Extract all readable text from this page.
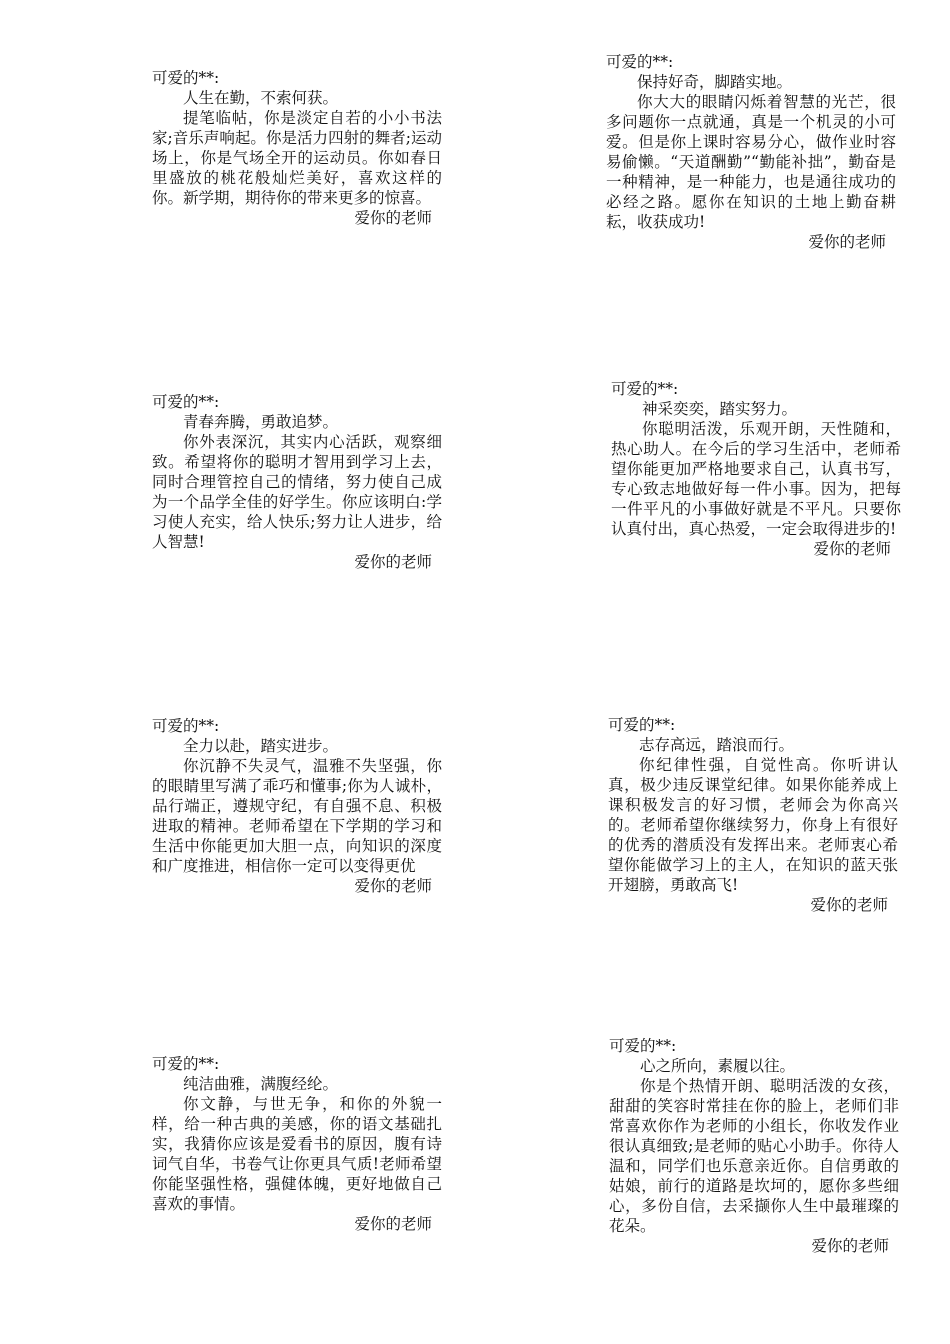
可爱的**:

人生在勤，不索何获。

提笔临帖，你是淡定自若的小小书法家;音乐声响起。你是活力四射的舞者;运动场上，你是气场全开的运动员。你如春日里盛放的桃花般灿烂美好，喜欢这样的你。新学期，期待你的带来更多的惊喜。

爱你的老师

可爱的**:

保持好奇，脚踏实地。

你大大的眼睛闪烁着智慧的光芒，很多问题你一点就通，真是一个机灵的小可爱。但是你上课时容易分心，做作业时容易偷懒。“天道酬勤”“勤能补拙”，勤奋是一种精神，是一种能力，也是通往成功的必经之路。愿你在知识的土地上勤奋耕耘，收获成功!

爱你的老师

可爱的**:

青春奔腾，勇敢追梦。

你外表深沉，其实内心活跃，观察细致。希望将你的聪明才智用到学习上去，同时合理管控自己的情绪，努力使自己成为一个品学全佳的好学生。你应该明白:学习使人充实，给人快乐;努力让人进步，给人智慧!

爱你的老师

可爱的**:

神采奕奕，踏实努力。

你聪明活泼，乐观开朗，天性随和，热心助人。在今后的学习生活中，老师希望你能更加严格地要求自己，认真书写，专心致志地做好每一件小事。因为，把每一件平凡的小事做好就是不平凡。只要你认真付出，真心热爱，一定会取得进步的!

爱你的老师

可爱的**:

全力以赴，踏实进步。

你沉静不失灵气，温雅不失坚强，你的眼睛里写满了乖巧和懂事;你为人诚朴，品行端正，遵规守纪，有自强不息、积极进取的精神。老师希望在下学期的学习和生活中你能更加大胆一点，向知识的深度和广度推进，相信你一定可以变得更优

爱你的老师

可爱的**:

志存高远，踏浪而行。

你纪律性强，自觉性高。你听讲认真，极少违反课堂纪律。如果你能养成上课积极发言的好习惯，老师会为你高兴的。老师希望你继续努力，你身上有很好的优秀的潜质没有发挥出来。老师衷心希望你能做学习上的主人，在知识的蓝天张开翅膀，勇敢高飞!

爱你的老师

可爱的**:

纯洁曲雅，满腹经纶。

你文静，与世无争，和你的外貌一样，给一种古典的美感，你的语文基础扎实，我猜你应该是爱看书的原因，腹有诗词气自华，书卷气让你更具气质!老师希望你能坚强性格，强健体魄，更好地做自己喜欢的事情。

爱你的老师

可爱的**:

心之所向，素履以往。

你是个热情开朗、聪明活泼的女孩，甜甜的笑容时常挂在你的脸上，老师们非常喜欢你作为老师的小组长，你收发作业很认真细致;是老师的贴心小助手。你待人温和，同学们也乐意亲近你。自信勇敢的姑娘，前行的道路是坎坷的，愿你多些细心，多份自信，去采撷你人生中最璀璨的花朵。

爱你的老师
